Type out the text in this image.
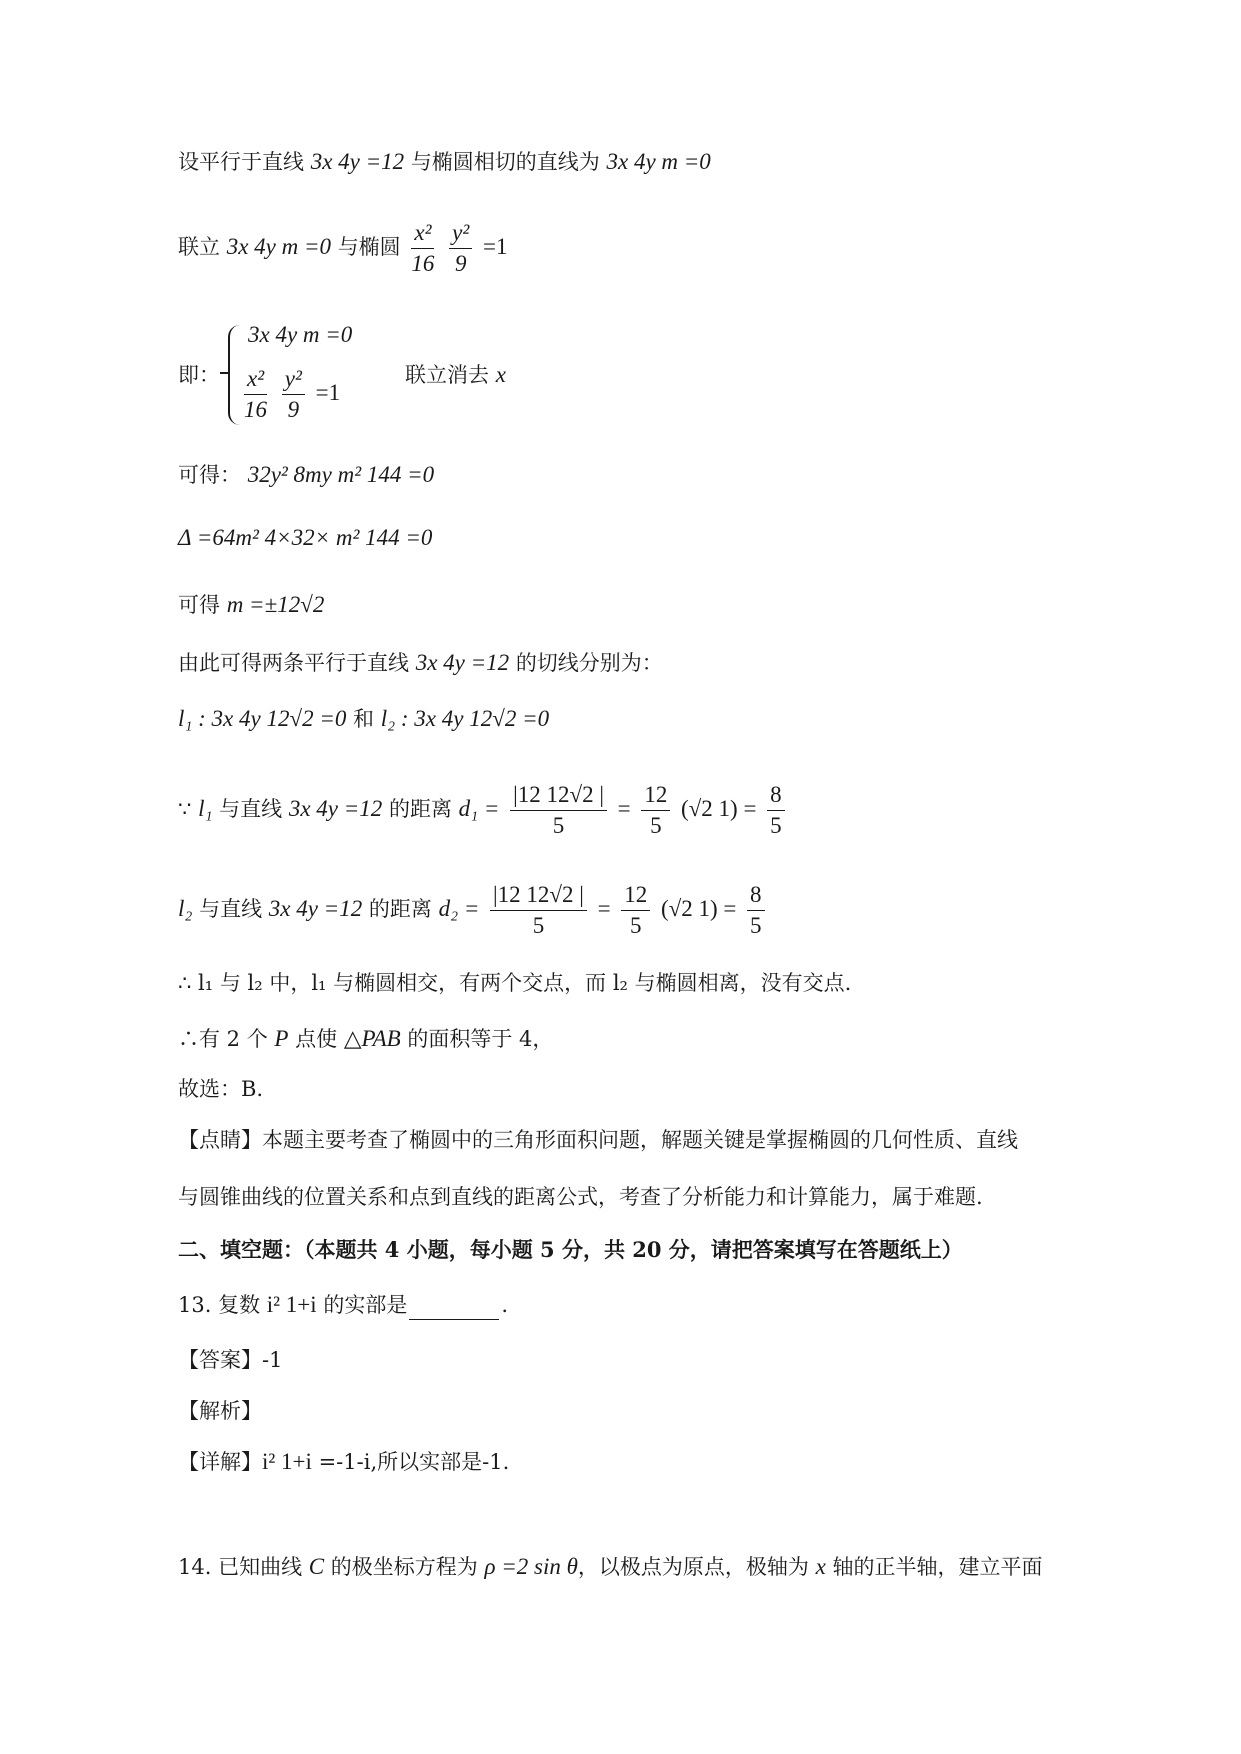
设平行于直线 3x 4y =12 与椭圆相切的直线为 3x 4y m =0
联立 3x 4y m =0 与椭圆 $\frac{\text{x²}}{16}$
$\frac{\text{y²}}{9} =1$
即：
3x 4y m =0
$\frac{\text{x²}}{16}$
$\frac{\text{y²}}{9} =1$
联立消去 x
可得： 32y² 8my m² 144 =0
Δ =64m² 4×32× m² 144 =0
可得 m =±12√2
由此可得两条平行于直线 3x 4y =12 的切线分别为：
l₁ : 3x 4y 12√2 =0 和 l₂ : 3x 4y 12√2 =0
∵ l₁ 与直线 3x 4y =12 的距离 $d_1 = \frac{|12 12√2 |}{5} = \frac{12}{5} (√2$ $1) = \frac{8}{5}$
l₂ 与直线 3x 4y =12 的距离 $d_2 = \frac{|12 12√2 |}{5} = \frac{12}{5} (√2$ $1) = \frac{8}{5}$
∴ l₁ 与 l₂ 中，l₁ 与椭圆相交，有两个交点，而 l₂ 与椭圆相离，没有交点.
∴有 2 个 P 点使 △PAB 的面积等于 4，
故选：B.
【点睛】本题主要考查了椭圆中的三角形面积问题，解题关键是掌握椭圆的几何性质、直线
与圆锥曲线的位置关系和点到直线的距离公式，考查了分析能力和计算能力，属于难题.
二、填空题：（本题共 4 小题，每小题 5 分，共 20 分，请把答案填写在答题纸上）
13. 复数 i² 1+i 的实部是	.
【答案】-1
【解析】
【详解】i² 1+i =-1-i,所以实部是-1.
14. 已知曲线 C 的极坐标方程为 ρ =2 sin θ，以极点为原点，极轴为 x 轴的正半轴，建立平面
